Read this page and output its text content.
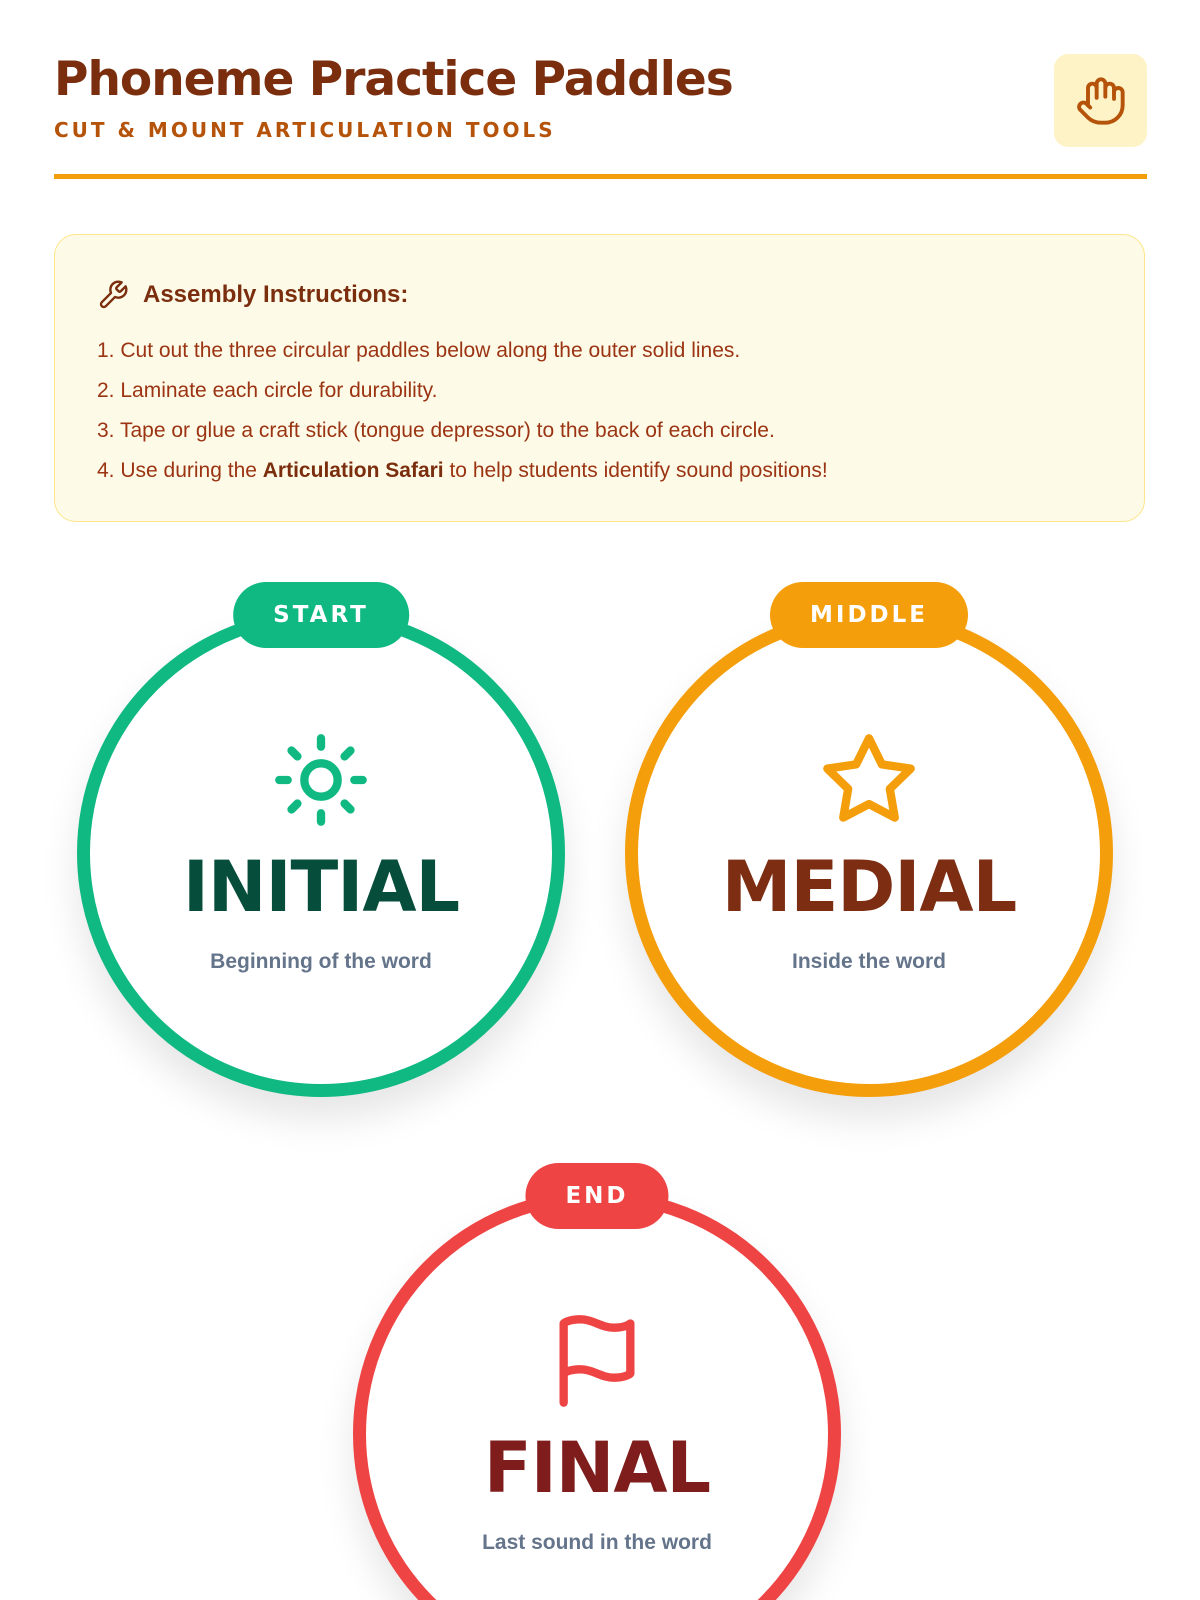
Phoneme Practice Paddles
CUT & MOUNT ARTICULATION TOOLS
Assembly Instructions:
1. Cut out the three circular paddles below along the outer solid lines.
2. Laminate each circle for durability.
3. Tape or glue a craft stick (tongue depressor) to the back of each circle.
4. Use during the Articulation Safari to help students identify sound positions!
START
INITIAL
Beginning of the word
MIDDLE
MEDIAL
Inside the word
END
FINAL
Last sound in the word
